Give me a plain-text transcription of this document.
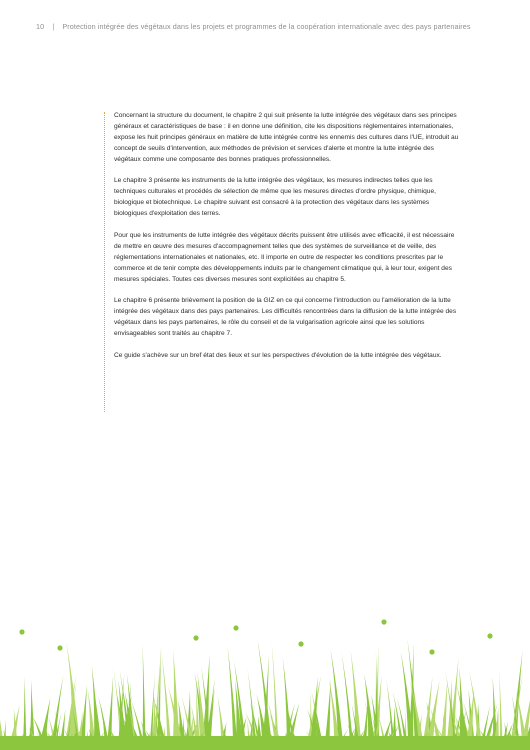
10 | Protection intégrée des végétaux dans les projets et programmes de la coopération internationale avec des pays partenaires

Concernant la structure du document, le chapitre 2 qui suit présente la lutte intégrée des végétaux dans ses principes généraux et caractéristiques de base : il en donne une définition, cite les dispositions réglementaires internationales, expose les huit principes généraux en matière de lutte intégrée contre les ennemis des cultures dans l'UE, introduit au concept de seuils d'intervention, aux méthodes de prévision et services d'alerte et montre la lutte intégrée des végétaux comme une composante des bonnes pratiques professionnelles.

Le chapitre 3 présente les instruments de la lutte intégrée des végétaux, les mesures indirectes telles que les techniques culturales et procédés de sélection de même que les mesures directes d'ordre physique, chimique, biologique et biotechnique. Le chapitre suivant est consacré à la protection des végétaux dans les systèmes biologiques d'exploitation des terres.

Pour que les instruments de lutte intégrée des végétaux décrits puissent être utilisés avec efficacité, il est nécessaire de mettre en œuvre des mesures d'accompagnement telles que des systèmes de surveillance et de veille, des réglementations internationales et nationales, etc. Il importe en outre de respecter les conditions prescrites par le commerce et de tenir compte des développements induits par le changement climatique qui, à leur tour, exigent des mesures spéciales. Toutes ces diverses mesures sont explicitées au chapitre 5.

Le chapitre 6 présente brièvement la position de la GIZ en ce qui concerne l'introduction ou l'amélioration de la lutte intégrée des végétaux dans des pays partenaires. Les difficultés rencontrées dans la diffusion de la lutte intégrée des végétaux dans les pays partenaires, le rôle du conseil et de la vulgarisation agricole ainsi que les solutions envisageables sont traités au chapitre 7.

Ce guide s'achève sur un bref état des lieux et sur les perspectives d'évolution de la lutte intégrée des végétaux.
